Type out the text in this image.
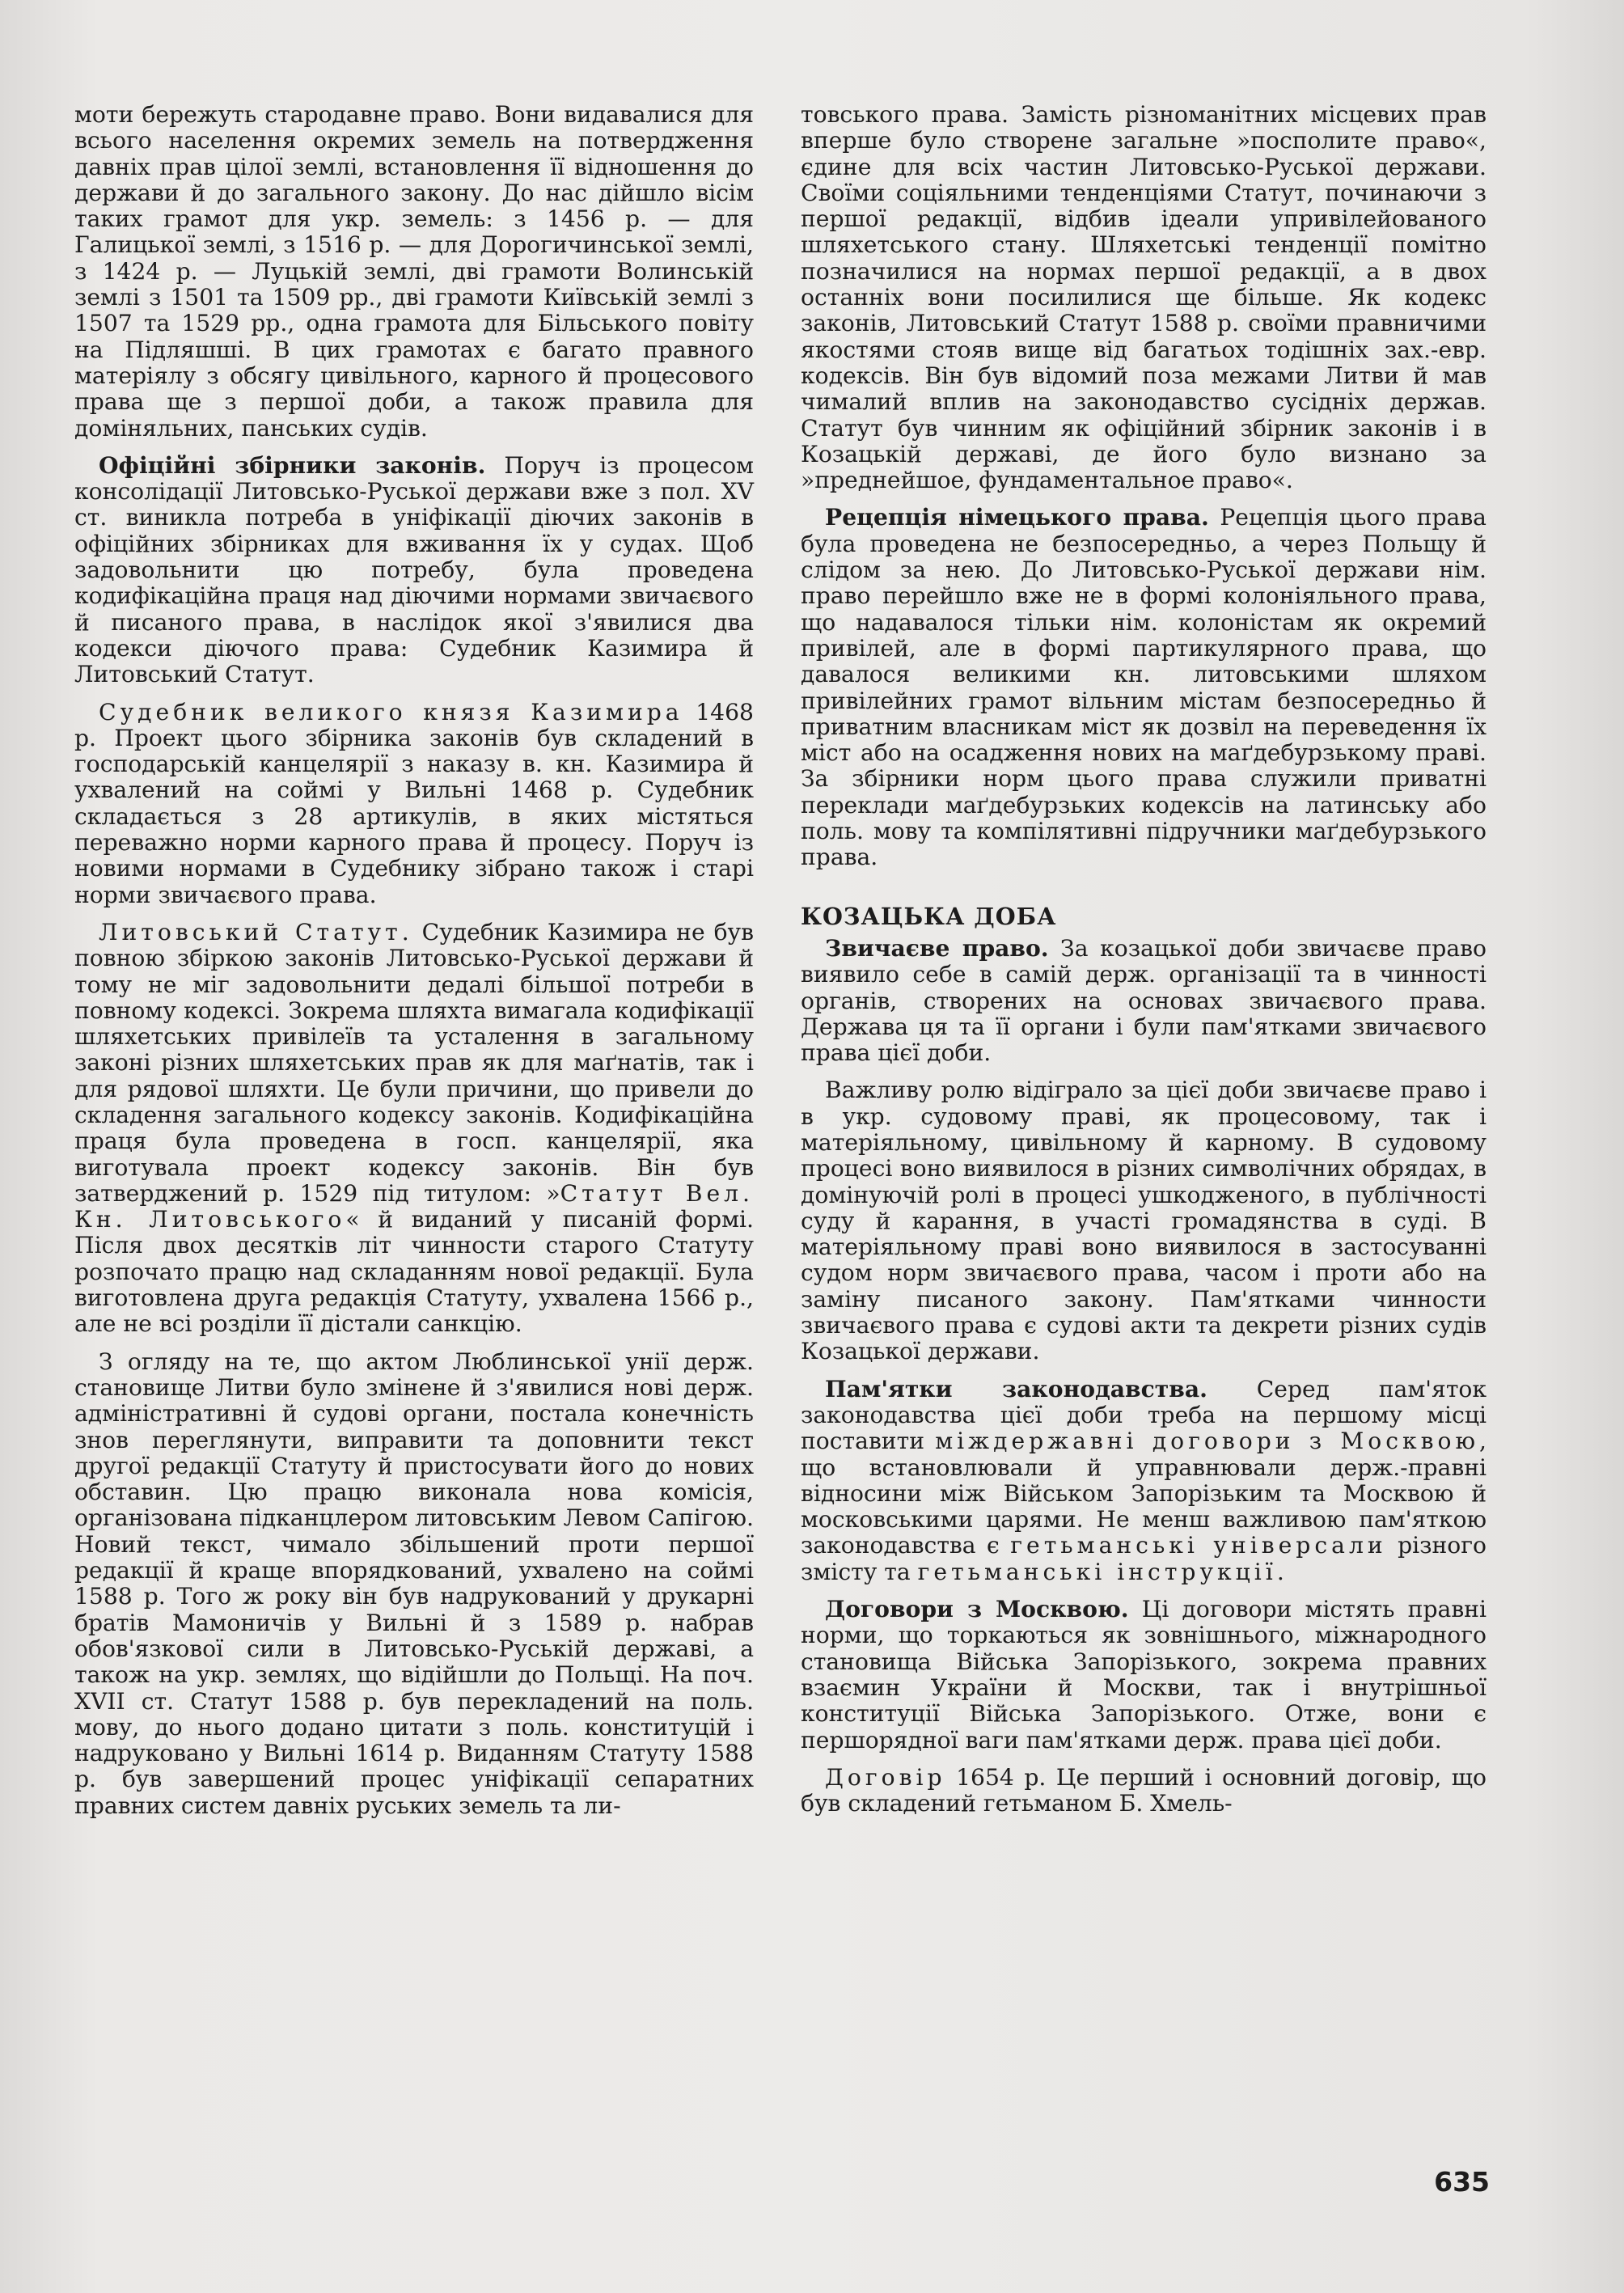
моти бережуть стародавне право. Вони видавалися для всього населення окремих земель на потвердження давніх прав цілої землі, встановлення її відношення до держави й до загального закону. До нас дійшло вісім таких грамот для укр. земель: з 1456 р. — для Галицької землі, з 1516 р. — для Дорогичинської землі, з 1424 р. — Луцькій землі, дві грамоти Волинській землі з 1501 та 1509 рр., дві грамоти Київській землі з 1507 та 1529 рр., одна грамота для Більського повіту на Підляшші. В цих грамотах є багато правного матеріялу з обсягу цивільного, карного й процесового права ще з першої доби, а також правила для доміняльних, панських судів.

Офіційні збірники законів. Поруч із процесом консолідації Литовсько-Руської держави вже з пол. XV ст. виникла потреба в уніфікації діючих законів в офіційних збірниках для вживання їх у судах. Щоб задовольнити цю потребу, була проведена кодифікаційна праця над діючими нормами звичаєвого й писаного права, в наслідок якої з'явилися два кодекси діючого права: Судебник Казимира й Литовський Статут.

Судебник великого князя Казимира 1468 р. Проект цього збірника законів був складений в господарській канцелярії з наказу в. кн. Казимира й ухвалений на соймі у Вильні 1468 р. Судебник складається з 28 артикулів, в яких містяться переважно норми карного права й процесу. Поруч із новими нормами в Судебнику зібрано також і старі норми звичаєвого права.

Литовський Статут. Судебник Казимира не був повною збіркою законів Литовсько-Руської держави й тому не міг задовольнити дедалі більшої потреби в повному кодексі. Зокрема шляхта вимагала кодифікації шляхетських привілеїв та усталення в загальному законі різних шляхетських прав як для маґнатів, так і для рядової шляхти. Це були причини, що привели до складення загального кодексу законів. Кодифікаційна праця була проведена в госп. канцелярії, яка виготувала проект кодексу законів. Він був затверджений р. 1529 під титулом: »Статут Вел. Кн. Литовського« й виданий у писаній формі. Після двох десятків літ чинности старого Статуту розпочато працю над складанням нової редакції. Була виготовлена друга редакція Статуту, ухвалена 1566 р., але не всі розділи її дістали санкцію.

З огляду на те, що актом Люблинської унії держ. становище Литви було змінене й з'явилися нові держ. адміністративні й судові органи, постала конечність знов переглянути, виправити та доповнити текст другої редакції Статуту й пристосувати його до нових обставин. Цю працю виконала нова комісія, організована підканцлером литовським Левом Сапігою. Новий текст, чимало збільшений проти першої редакції й краще впорядкований, ухвалено на соймі 1588 р. Того ж року він був надрукований у друкарні братів Мамоничів у Вильні й з 1589 р. набрав обов'язкової сили в Литовсько-Руській державі, а також на укр. землях, що відійшли до Польщі. На поч. XVII ст. Статут 1588 р. був перекладений на поль. мову, до нього додано цитати з поль. конституцій і надруковано у Вильні 1614 р. Виданням Статуту 1588 р. був завершений процес уніфікації сепаратних правних систем давніх руських земель та ли-

товського права. Замість різноманітних місцевих прав вперше було створене загальне »посполите право«, єдине для всіх частин Литовсько-Руської держави. Своїми соціяльними тенденціями Статут, починаючи з першої редакції, відбив ідеали упривілейованого шляхетського стану. Шляхетські тенденції помітно позначилися на нормах першої редакції, а в двох останніх вони посилилися ще більше. Як кодекс законів, Литовський Статут 1588 р. своїми правничими якостями стояв вище від багатьох тодішніх зах.-евр. кодексів. Він був відомий поза межами Литви й мав чималий вплив на законодавство сусідніх держав. Статут був чинним як офіційний збірник законів і в Козацькій державі, де його було визнано за »преднейшое, фундаментальное право«.

Рецепція німецького права. Рецепція цього права була проведена не безпосередньо, а через Польщу й слідом за нею. До Литовсько-Руської держави нім. право перейшло вже не в формі колоніяльного права, що надавалося тільки нім. колоністам як окремий привілей, але в формі партикулярного права, що давалося великими кн. литовськими шляхом привілейних грамот вільним містам безпосередньо й приватним власникам міст як дозвіл на переведення їх міст або на осадження нових на маґдебурзькому праві. За збірники норм цього права служили приватні переклади маґдебурзьких кодексів на латинську або поль. мову та компілятивні підручники маґдебурзького права.

КОЗАЦЬКА ДОБА

Звичаєве право. За козацької доби звичаєве право виявило себе в самій держ. організації та в чинності органів, створених на основах звичаєвого права. Держава ця та її органи і були пам'ятками звичаєвого права цієї доби.

Важливу ролю відіграло за цієї доби звичаєве право і в укр. судовому праві, як процесовому, так і матеріяльному, цивільному й карному. В судовому процесі воно виявилося в різних символічних обрядах, в домінуючій ролі в процесі ушкодженого, в публічності суду й карання, в участі громадянства в суді. В матеріяльному праві воно виявилося в застосуванні судом норм звичаєвого права, часом і проти або на заміну писаного закону. Пам'ятками чинности звичаєвого права є судові акти та декрети різних судів Козацької держави.

Пам'ятки законодавства. Серед пам'яток законодавства цієї доби треба на першому місці поставити міждержавні договори з Москвою, що встановлювали й управнювали держ.-правні відносини між Військом Запорізьким та Москвою й московськими царями. Не менш важливою пам'яткою законодавства є гетьманські універсали різного змісту та гетьманські інструкції.

Договори з Москвою. Ці договори містять правні норми, що торкаються як зовнішнього, міжнародного становища Війська Запорізького, зокрема правних взаємин України й Москви, так і внутрішньої конституції Війська Запорізького. Отже, вони є першорядної ваги пам'ятками держ. права цієї доби.

Договір 1654 р. Це перший і основний договір, що був складений гетьманом Б. Хмель-

635
